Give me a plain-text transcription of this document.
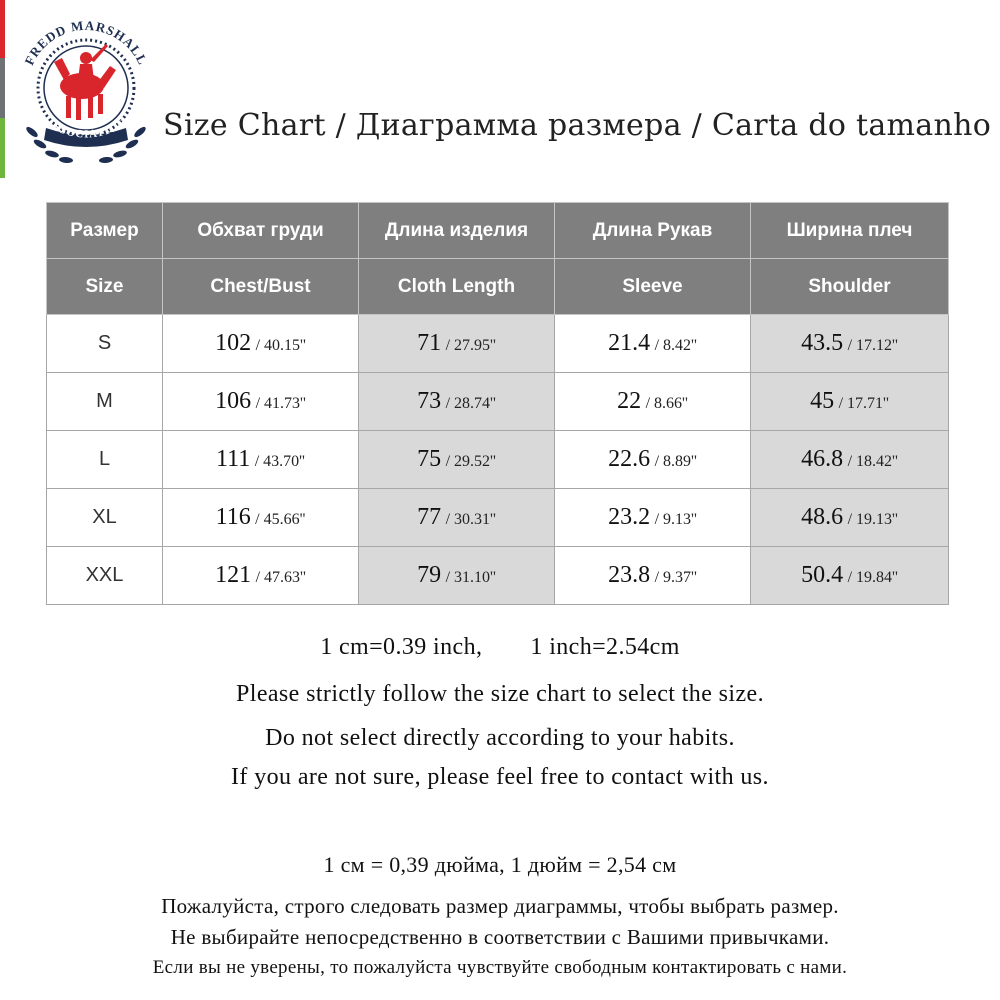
FREDD MARSHALL
ASSOCIATION Size Chart / Диаграмма размера / Carta do tamanho
Размер	Обхват груди	Длина изделия	Длина Рукав	Ширина плеч
Size	Chest/Bust	Cloth Length	Sleeve	Shoulder
S	102 / 40.15''	71 / 27.95''	21.4 / 8.42''	43.5 / 17.12''
M	106 / 41.73''	73 / 28.74''	22 / 8.66''	45 / 17.71''
L	111 / 43.70''	75 / 29.52''	22.6 / 8.89''	46.8 / 18.42''
XL	116 / 45.66''	77 / 30.31''	23.2 / 9.13''	48.6 / 19.13''
XXL	121 / 47.63''	79 / 31.10''	23.8 / 9.37''	50.4 / 19.84''

1 cm=0.39 inch, 1 inch=2.54cm

Please strictly follow the size chart to select the size.

Do not select directly according to your habits.

If you are not sure, please feel free to contact with us.

1 см = 0,39 дюйма, 1 дюйм = 2,54 см

Пожалуйста, строго следовать размер диаграммы, чтобы выбрать размер.

Не выбирайте непосредственно в соответствии с Вашими привычками.

Если вы не уверены, то пожалуйста чувствуйте свободным контактировать с нами.
